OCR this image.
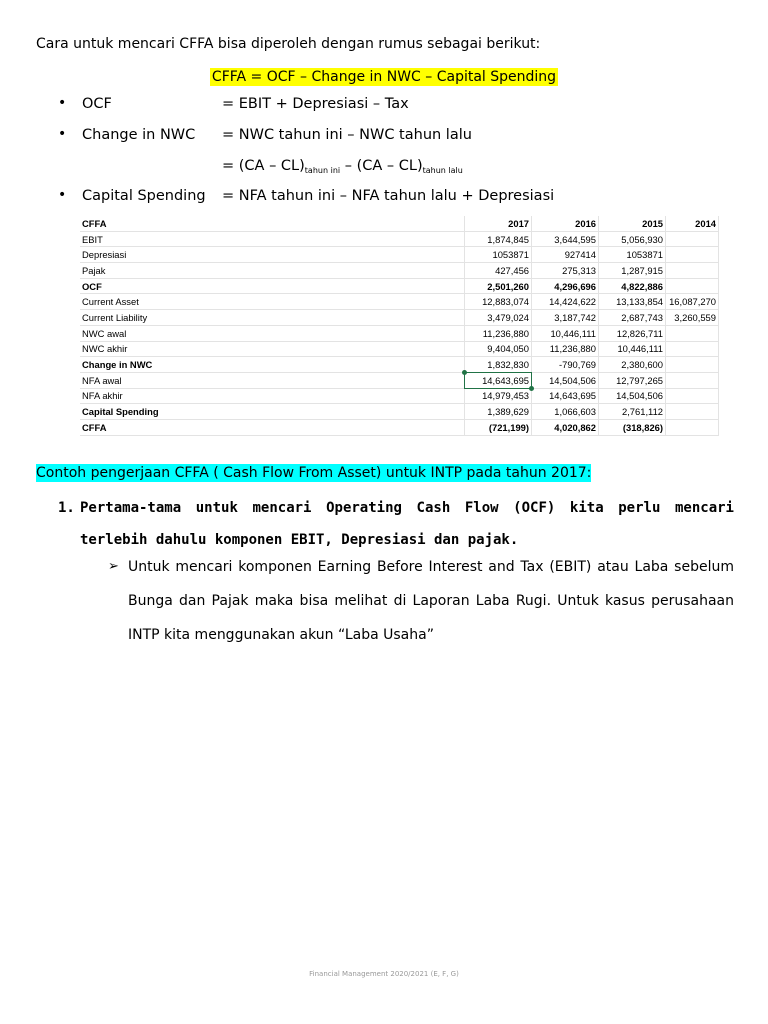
Cara untuk mencari CFFA bisa diperoleh dengan rumus sebagai berikut:
CFFA = OCF – Change in NWC – Capital Spending
• OCF	= EBIT + Depresiasi – Tax
• Change in NWC = NWC tahun ini – NWC tahun lalu
= $(CA - CL)_{tahun ini} - (CA - CL)_{tahun lalu}$
• Capital Spending = NFA tahun ini – NFA tahun lalu + Depresiasi
CFFA	2017	2016	2015	2014
EBIT	1,874,845	3,644,595	5,056,930	
Depresiasi	1053871	927414	1053871	
Pajak	427,456	275,313	1,287,915	
OCF	2,501,260	4,296,696	4,822,886	
Current Asset	12,883,074	14,424,622	13,133,854	16,087,270
Current Liability	3,479,024	3,187,742	2,687,743	3,260,559
NWC awal	11,236,880	10,446,111	12,826,711	
NWC akhir	9,404,050	11,236,880	10,446,111	
Change in NWC	1,832,830	-790,769	2,380,600	
NFA awal	14,643,695	14,504,506	12,797,265	
NFA akhir	14,979,453	14,643,695	14,504,506	
Capital Spending	1,389,629	1,066,603	2,761,112	
CFFA	(721,199)	4,020,862	(318,826)	
Contoh pengerjaan CFFA ( Cash Flow From Asset) untuk INTP pada tahun 2017:
1. Pertama-tama untuk mencari Operating Cash Flow (OCF) kita perlu mencari terlebih dahulu komponen EBIT, Depresiasi dan pajak.
➢ Untuk mencari komponen Earning Before Interest and Tax (EBIT) atau Laba sebelum Bunga dan Pajak maka bisa melihat di Laporan Laba Rugi. Untuk kasus perusahaan INTP kita menggunakan akun “Laba Usaha”
Financial Management 2020/2021 (E, F, G)
